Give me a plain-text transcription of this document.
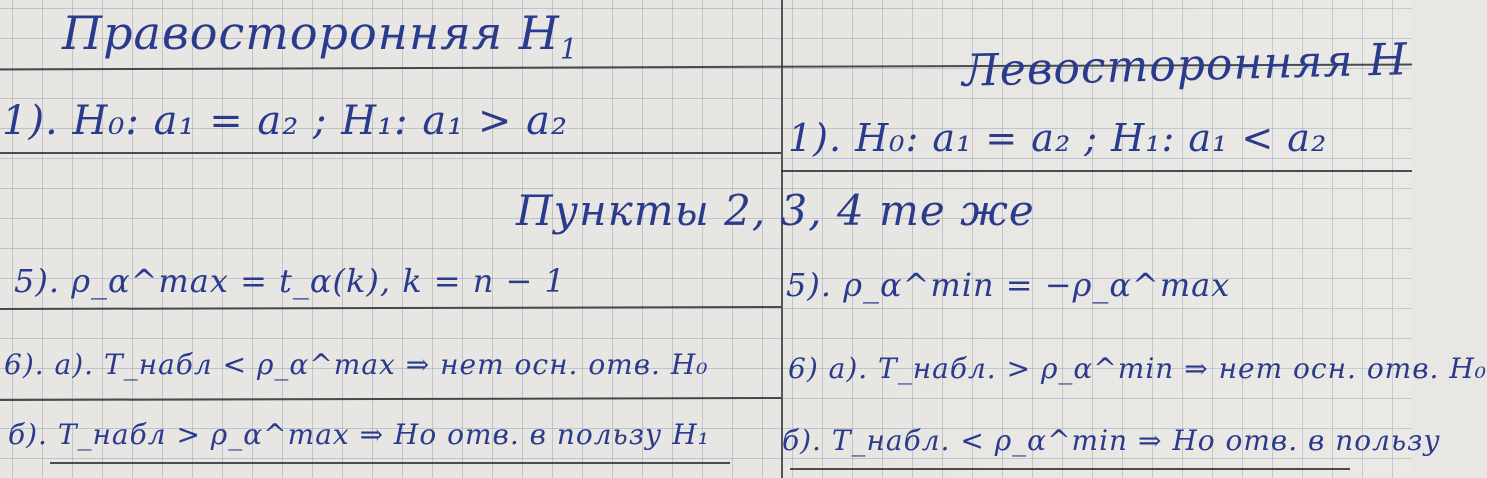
Правосторонняя $H_1$	Левосторонняя H
1). H₀: a₁ = a₂ ; H₁: a₁ > a₂	1). H₀: a₁ = a₂ ; H₁: a₁ < a₂
Пункты 2, 3, 4 те же
5). ρ_α^max = t_α(k), k = n − 1	5). ρ_α^min = −ρ_α^max
6). a). T_набл < ρ_α^max ⇒ нет осн. отв. H₀	6) a). T_набл. > ρ_α^min ⇒ нет осн. отв. H₀
б). T_набл > ρ_α^max ⇒ Но отв. в пользу H₁	б). T_набл. < ρ_α^min ⇒ Но отв. в пользу
